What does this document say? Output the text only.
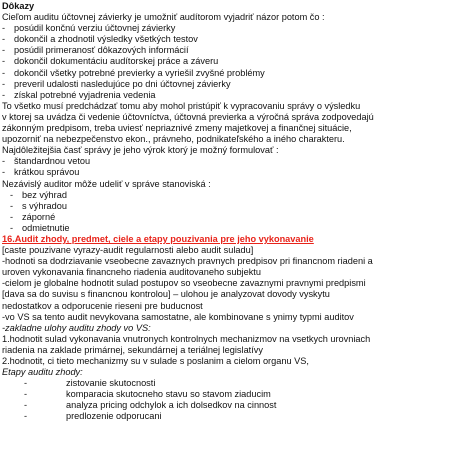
Dôkazy
Cieľom auditu účtovnej závierky je umožniť audítorom vyjadriť názor potom čo :
- posúdil končnú verziu účtovnej závierky
- dokončil a zhodnotil výsledky všetkých testov
- posúdil primeranosť dôkazových informácií
- dokončil dokumentáciu audítorskej práce a záveru
- dokončil všetky potrebné previerky a vyriešil zvyšné problémy
- preveril udalosti nasledujúce po dni účtovnej závierky
- získal potrebné vyjadrenia vedenia
To všetko musí predchádzať tomu aby mohol pristúpiť k vypracovaniu správy o výsledku
v ktorej sa uvádza či vedenie účtovníctva, účtovná previerka a výročná správa zodpovedajú
zákonným predpisom, treba uviesť nepriaznivé zmeny majetkovej a finančnej situácie,
upozorniť na nebezpečenstvo ekon., právneho, podnikateľského a iného charakteru.
Najdôležitejšia časť správy je jeho výrok ktorý je možný formulovať :
- štandardnou vetou
- krátkou správou
Nezávislý auditor môže udeliť v správe stanoviská :
- bez výhrad
- s výhradou
- záporné
- odmietnutie
16.Audit zhody, predmet, ciele a etapy pouzivania pre jeho vykonavanie
[caste pouzivane vyrazy-audit regularnosti alebo audit suladu]
-hodnoti sa dodrziavanie vseobecne zavaznych pravnych predpisov pri financnom riadeni a
uroven vykonavania financneho riadenia auditovaneho subjektu
-cielom je globalne hodnotit sulad postupov so vseobecne zavaznymi pravnymi predpismi
[dava sa do suvisu s financnou kontrolou] – ulohou je analyzovat dovody vyskytu
nedostatkov a odporucenie rieseni pre buducnost
-vo VS sa tento audit nevykovana samostatne, ale kombinovane s ynimy typmi auditov
-zakladne ulohy auditu zhody vo VS:
1.hodnotit sulad vykonavania vnutronych kontrolnych mechanizmov na vsetkych urovniach
riadenia na zaklade primárnej, sekundárnej a teriálnej legislatívy
2.hodnotit, ci tieto mechanizmy su v sulade s poslanim a cielom organu VS,
Etapy auditu zhody:
-	zistovanie skutocnosti
-	komparacia skutocneho stavu so stavom ziaducim
-	analyza pricing odchylok a ich dolsedkov na cinnost
-	predlozenie odporucani
